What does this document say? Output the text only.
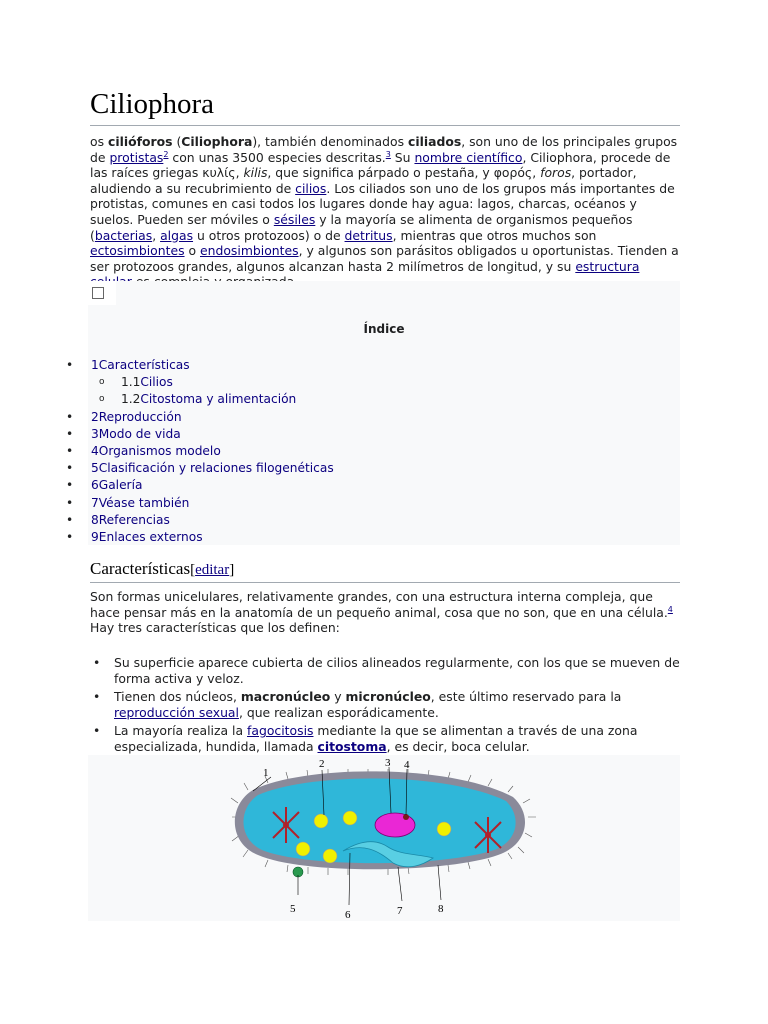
Ciliophora

os cilióforos (Ciliophora), también denominados ciliados, son uno de los principales grupos de protistas$^2$ con unas 3500 especies descritas.$^3$ Su nombre científico, Ciliophora, procede de las raíces griegas κυλίς, kilis, que significa párpado o pestaña, y φορός, foros, portador, aludiendo a su recubrimiento de cilios. Los ciliados son uno de los grupos más importantes de protistas, comunes en casi todos los lugares donde hay agua: lagos, charcas, océanos y suelos. Pueden ser móviles o sésiles y la mayoría se alimenta de organismos pequeños (bacterias, algas u otros protozoos) o de detritus, mientras que otros muchos son ectosimbiontes o endosimbiontes, y algunos son parásitos obligados u oportunistas. Tienden a ser protozoos grandes, algunos alcanzan hasta 2 milímetros de longitud, y su estructura

Índice
• 1Características
o 1.1Cilios
o 1.2Citostoma y alimentación
• 2Reproducción
• 3Modo de vida
• 4Organismos modelo
• 5Clasificación y relaciones filogenéticas
• 6Galería
• 7Véase también
• 8Referencias
• 9Enlaces externos
Características[editar]

Son formas unicelulares, relativamente grandes, con una estructura interna compleja, que hace pensar más en la anatomía de un pequeño animal, cosa que no son, que en una célula.$^4$ Hay tres características que los definen:

• Su superficie aparece cubierta de cilios alineados regularmente, con los que se mueven de forma activa y veloz.
• Tienen dos núcleos, macronúcleo y micronúcleo, este último reservado para la reproducción sexual, que realizan esporádicamente.
• La mayoría realiza la fagocitosis mediante la que se alimentan a través de una zona especializada, hundida, llamada citostoma, es decir, boca celular.
1
2	3 4
5	6	7	8
